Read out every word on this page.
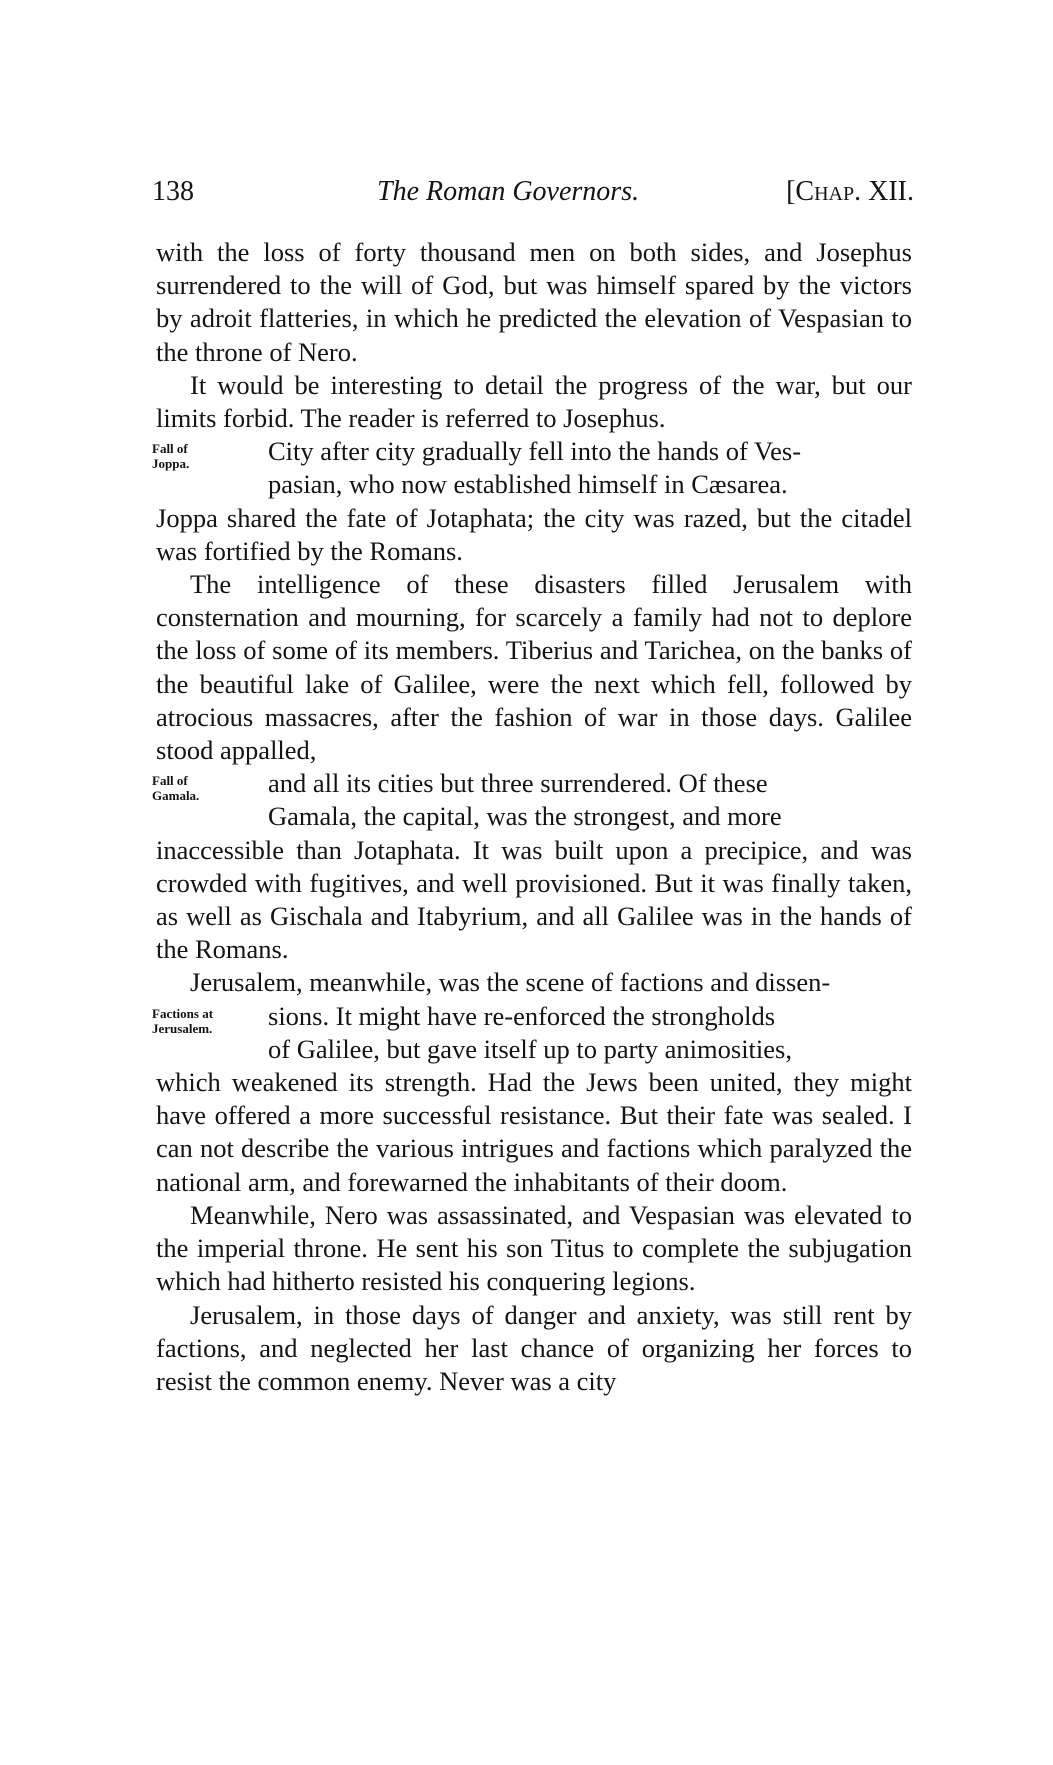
138	The Roman Governors.	[Chap. XII.

with the loss of forty thousand men on both sides, and Josephus surrendered to the will of God, but was himself spared by the victors by adroit flatteries, in which he predicted the elevation of Vespasian to the throne of Nero.

It would be interesting to detail the progress of the war, but our limits forbid. The reader is referred to Josephus.

Fall of
Joppa.	City after city gradually fell into the hands of Ves-

pasian, who now established himself in Cæsarea.

Joppa shared the fate of Jotaphata; the city was razed, but the citadel was fortified by the Romans.

The intelligence of these disasters filled Jerusalem with consternation and mourning, for scarcely a family had not to deplore the loss of some of its members. Tiberius and Tarichea, on the banks of the beautiful lake of Galilee, were the next which fell, followed by atrocious massacres, after the fashion of war in those days. Galilee stood appalled,

Fall of
Gamala.	and all its cities but three surrendered. Of these

Gamala, the capital, was the strongest, and more

inaccessible than Jotaphata. It was built upon a precipice, and was crowded with fugitives, and well provisioned. But it was finally taken, as well as Gischala and Itabyrium, and all Galilee was in the hands of the Romans.

Jerusalem, meanwhile, was the scene of factions and dissen-

Factions at
Jerusalem.	sions. It might have re-enforced the strongholds

of Galilee, but gave itself up to party animosities,

which weakened its strength. Had the Jews been united, they might have offered a more successful resistance. But their fate was sealed. I can not describe the various intrigues and factions which paralyzed the national arm, and forewarned the inhabitants of their doom.

Meanwhile, Nero was assassinated, and Vespasian was elevated to the imperial throne. He sent his son Titus to complete the subjugation which had hitherto resisted his conquering legions.

Jerusalem, in those days of danger and anxiety, was still rent by factions, and neglected her last chance of organizing her forces to resist the common enemy. Never was a city
